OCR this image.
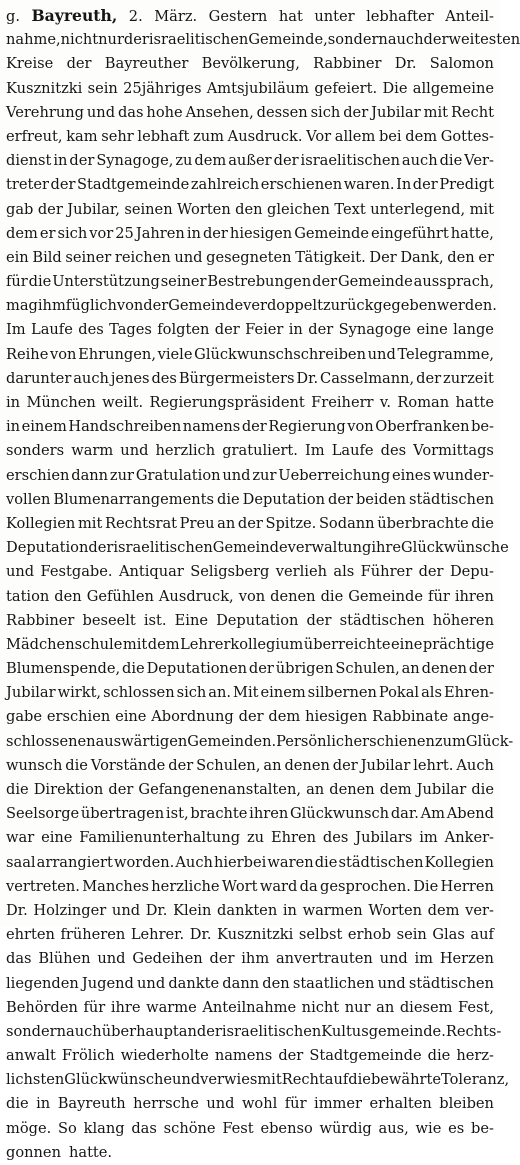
g. Bayreuth, 2. März. Gestern hat unter lebhafter Anteil-
nahme, nicht nur der israelitischen Gemeinde, sondern auch der weitesten
Kreise der Bayreuther Bevölkerung, Rabbiner Dr. Salomon
Kusznitzki sein 25jähriges Amtsjubiläum gefeiert. Die allgemeine
Verehrung und das hohe Ansehen, dessen sich der Jubilar mit Recht
erfreut, kam sehr lebhaft zum Ausdruck. Vor allem bei dem Gottes-
dienst in der Synagoge, zu dem außer der israelitischen auch die Ver-
treter der Stadtgemeinde zahlreich erschienen waren. In der Predigt
gab der Jubilar, seinen Worten den gleichen Text unterlegend, mit
dem er sich vor 25 Jahren in der hiesigen Gemeinde eingeführt hatte,
ein Bild seiner reichen und gesegneten Tätigkeit. Der Dank, den er
für die Unterstützung seiner Bestrebungen der Gemeinde aussprach,
mag ihm füglich von der Gemeinde verdoppelt zurückgegeben werden.
Im Laufe des Tages folgten der Feier in der Synagoge eine lange
Reihe von Ehrungen, viele Glückwunschschreiben und Telegramme,
darunter auch jenes des Bürgermeisters Dr. Casselmann, der zurzeit
in München weilt. Regierungspräsident Freiherr v. Roman hatte
in einem Handschreiben namens der Regierung von Oberfranken be-
sonders warm und herzlich gratuliert. Im Laufe des Vormittags
erschien dann zur Gratulation und zur Ueberreichung eines wunder-
vollen Blumenarrangements die Deputation der beiden städtischen
Kollegien mit Rechtsrat Preu an der Spitze. Sodann überbrachte die
Deputation der israelitischen Gemeindeverwaltung ihre Glückwünsche
und Festgabe. Antiquar Seligsberg verlieh als Führer der Depu-
tation den Gefühlen Ausdruck, von denen die Gemeinde für ihren
Rabbiner beseelt ist. Eine Deputation der städtischen höheren
Mädchenschule mit dem Lehrerkollegium überreichte eine prächtige
Blumenspende, die Deputationen der übrigen Schulen, an denen der
Jubilar wirkt, schlossen sich an. Mit einem silbernen Pokal als Ehren-
gabe erschien eine Abordnung der dem hiesigen Rabbinate ange-
schlossenen auswärtigen Gemeinden. Persönlich erschienen zum Glück-
wunsch die Vorstände der Schulen, an denen der Jubilar lehrt. Auch
die Direktion der Gefangenenanstalten, an denen dem Jubilar die
Seelsorge übertragen ist, brachte ihren Glückwunsch dar. Am Abend
war eine Familienunterhaltung zu Ehren des Jubilars im Anker-
saal arrangiert worden. Auch hierbei waren die städtischen Kollegien
vertreten. Manches herzliche Wort ward da gesprochen. Die Herren
Dr. Holzinger und Dr. Klein dankten in warmen Worten dem ver-
ehrten früheren Lehrer. Dr. Kusznitzki selbst erhob sein Glas auf
das Blühen und Gedeihen der ihm anvertrauten und im Herzen
liegenden Jugend und dankte dann den staatlichen und städtischen
Behörden für ihre warme Anteilnahme nicht nur an diesem Fest,
sondern auch überhaupt an der israelitischen Kultusgemeinde. Rechts-
anwalt Frölich wiederholte namens der Stadtgemeinde die herz-
lichsten Glückwünsche und verwies mit Recht auf die bewährte Toleranz,
die in Bayreuth herrsche und wohl für immer erhalten bleiben
möge. So klang das schöne Fest ebenso würdig aus, wie es be-
gonnen hatte.
